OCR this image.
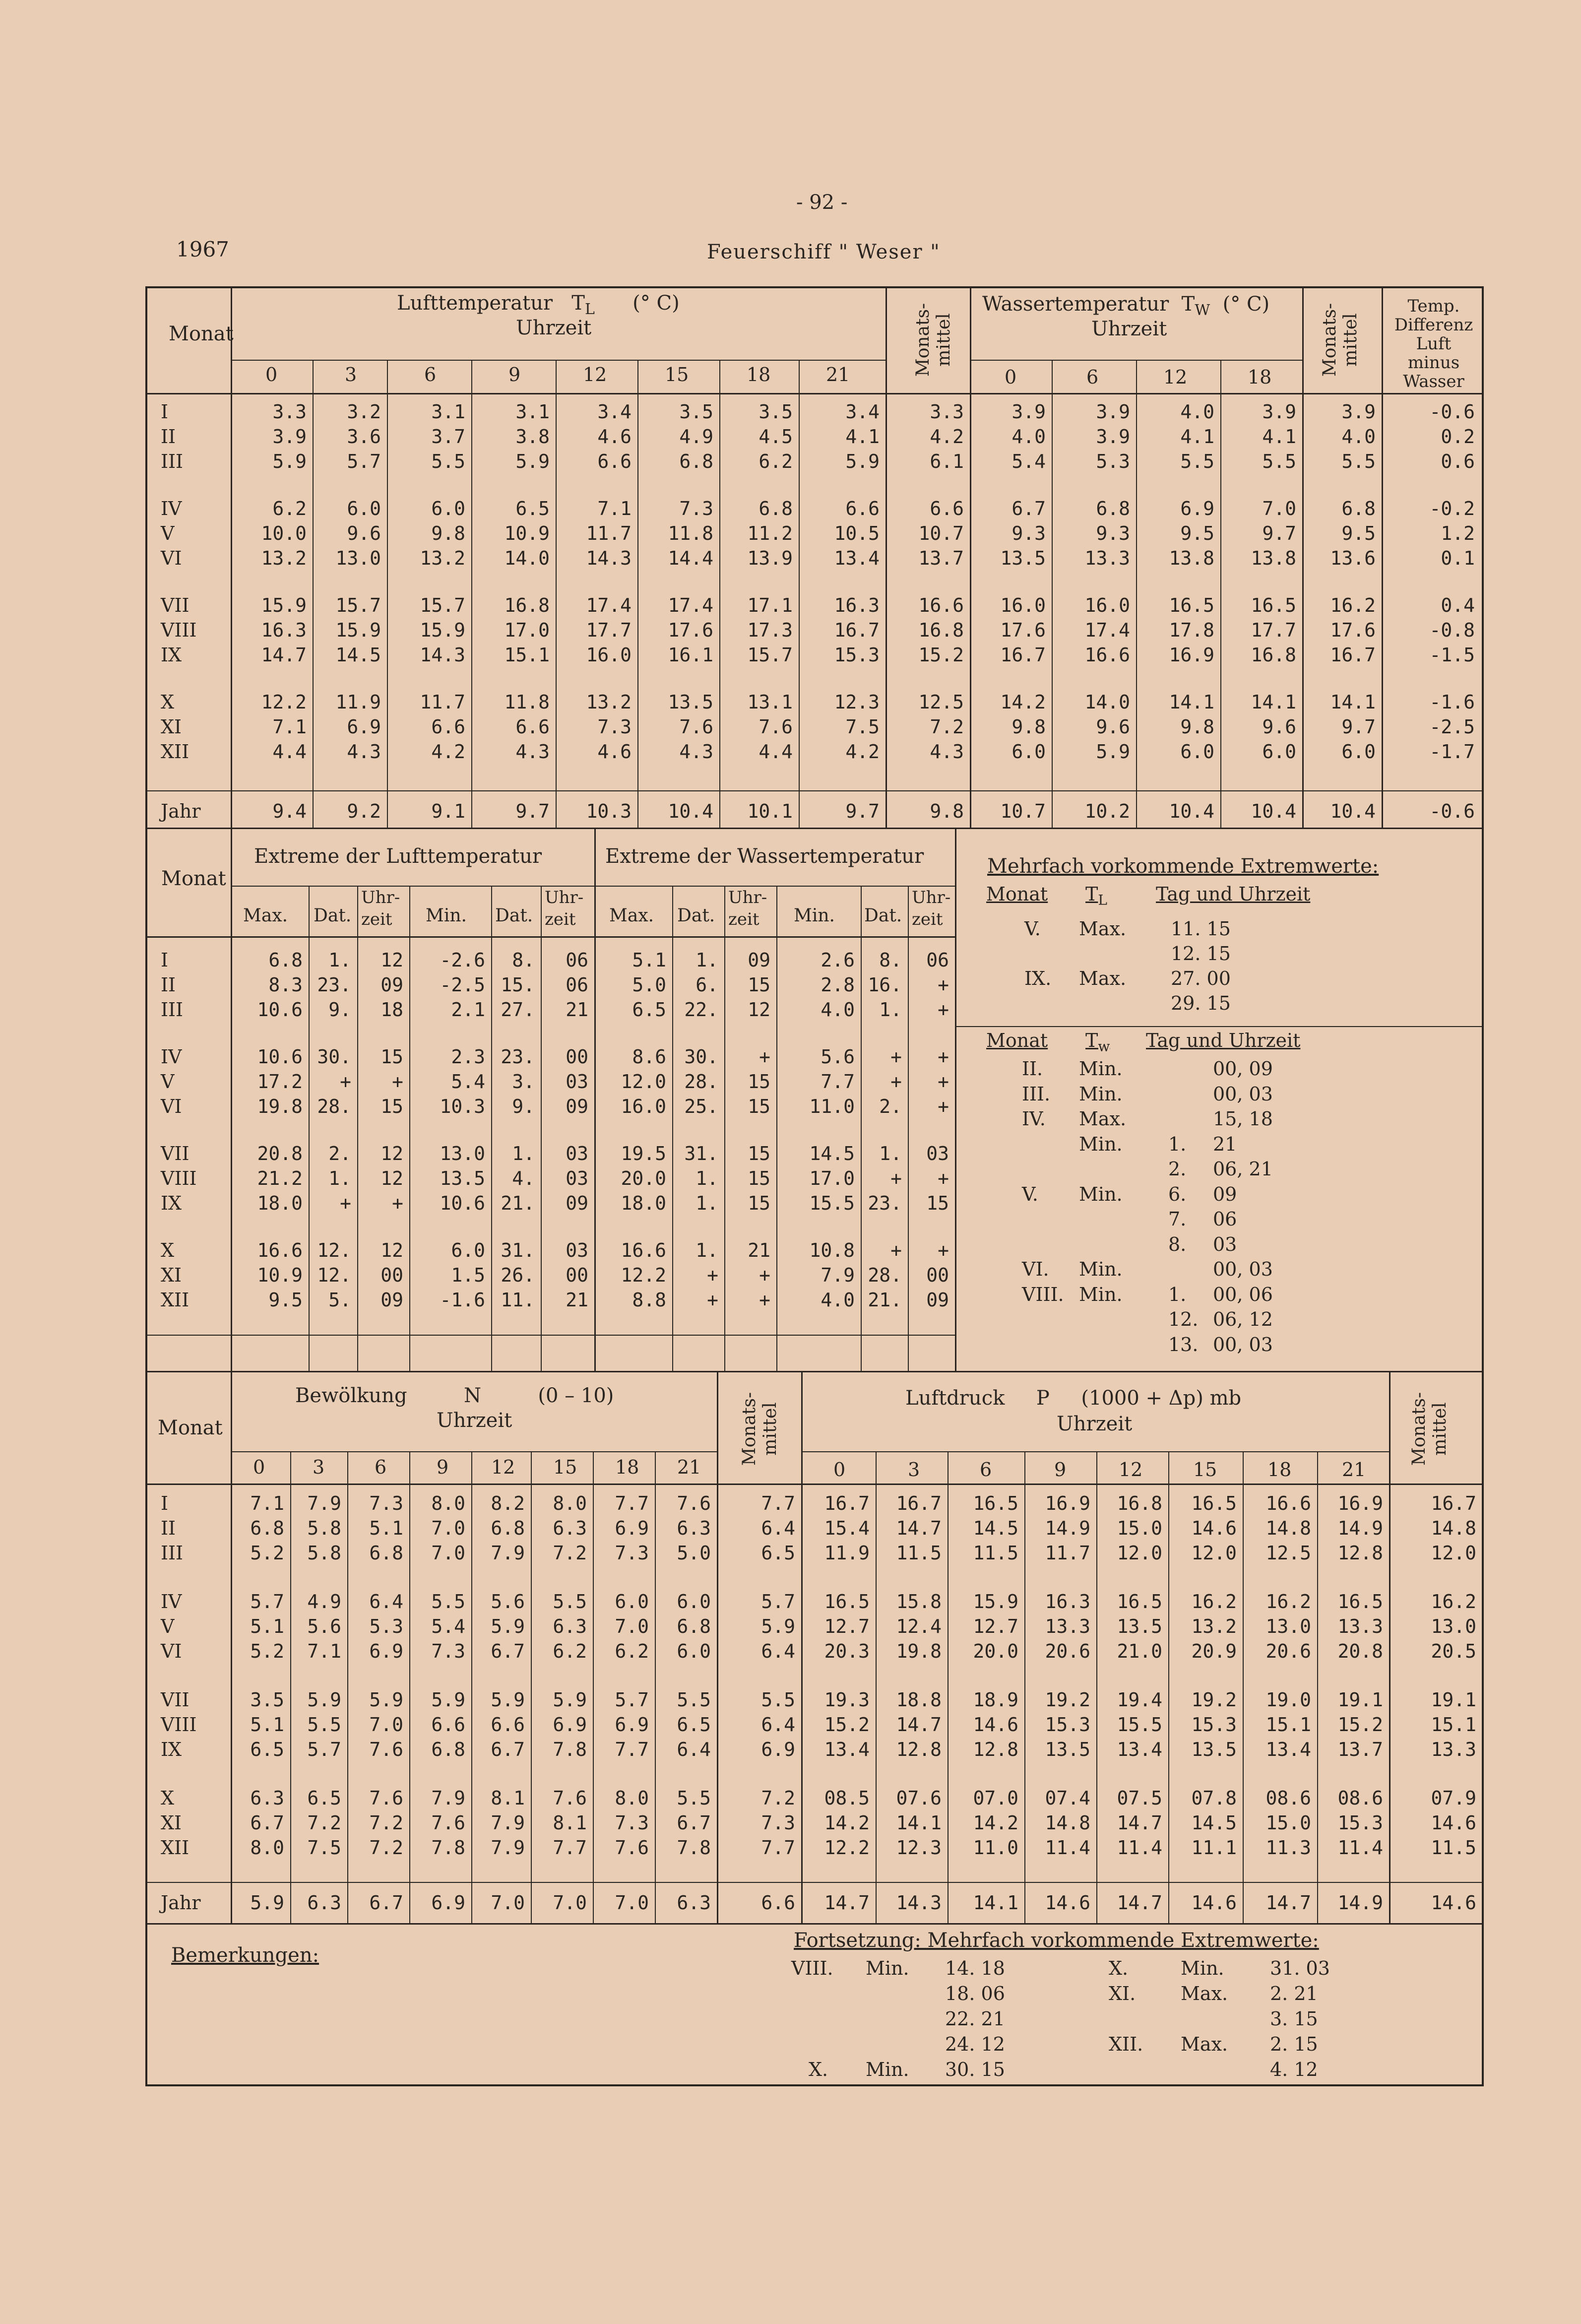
- 92 -
1967	Feuerschiff " Weser "
Monat
Lufttemperatur $T_L$ (° C)
Uhrzeit
Wassertemperatur $T_W$ (° C)
Uhrzeit
Monats-mittel	Monats-mittel
Temp.
Differenz
Luft
minus
Wasser
0	3	6	9	12	15	18	21	0	6	12	18
I	3.3	3.2	3.1	3.1	3.4	3.5	3.5	3.4	3.3	3.9	3.9	4.0	3.9	3.9	-0.6
II	3.9	3.6	3.7	3.8	4.6	4.9	4.5	4.1	4.2	4.0	3.9	4.1	4.1	4.0	0.2
III	5.9	5.7	5.5	5.9	6.6	6.8	6.2	5.9	6.1	5.4	5.3	5.5	5.5	5.5	0.6

IV	6.2	6.0	6.0	6.5	7.1	7.3	6.8	6.6	6.6	6.7	6.8	6.9	7.0	6.8	-0.2
V	10.0	9.6	9.8	10.9	11.7	11.8	11.2	10.5	10.7	9.3	9.3	9.5	9.7	9.5	1.2
VI	13.2	13.0	13.2	14.0	14.3	14.4	13.9	13.4	13.7	13.5	13.3	13.8	13.8	13.6	0.1

VII	15.9	15.7	15.7	16.8	17.4	17.4	17.1	16.3	16.6	16.0	16.0	16.5	16.5	16.2	0.4
VIII	16.3	15.9	15.9	17.0	17.7	17.6	17.3	16.7	16.8	17.6	17.4	17.8	17.7	17.6	-0.8
IX	14.7	14.5	14.3	15.1	16.0	16.1	15.7	15.3	15.2	16.7	16.6	16.9	16.8	16.7	-1.5

X	12.2	11.9	11.7	11.8	13.2	13.5	13.1	12.3	12.5	14.2	14.0	14.1	14.1	14.1	-1.6
XI	7.1	6.9	6.6	6.6	7.3	7.6	7.6	7.5	7.2	9.8	9.6	9.8	9.6	9.7	-2.5
XII	4.4	4.3	4.2	4.3	4.6	4.3	4.4	4.2	4.3	6.0	5.9	6.0	6.0	6.0	-1.7
Jahr	9.4	9.2	9.1	9.7	10.3	10.4	10.1	9.7	9.8	10.7	10.2	10.4	10.4	10.4	-0.6
Monat
Extreme der Lufttemperatur	Extreme der Wassertemperatur
Max. Dat.
Uhr-zeit	Min. Dat.
Uhr-zeit	Max. Dat.
Uhr-zeit	Min. Dat.
Uhr-zeit
I	6.8	1.	12	-2.6	8.	06	5.1	1.	09	2.6	8.	06
II	8.3	23.	09	-2.5	15.	06	5.0	6.	15	2.8	16.	+
III	10.6	9.	18	2.1	27.	21	6.5	22.	12	4.0	1.	+

IV	10.6	30.	15	2.3	23.	00	8.6	30.	+	5.6	+	+
V	17.2	+	+	5.4	3.	03	12.0	28.	15	7.7	+	+
VI	19.8	28.	15	10.3	9.	09	16.0	25.	15	11.0	2.	+

VII	20.8	2.	12	13.0	1.	03	19.5	31.	15	14.5	1.	03
VIII	21.2	1.	12	13.5	4.	03	20.0	1.	15	17.0	+	+
IX	18.0	+	+	10.6	21.	09	18.0	1.	15	15.5	23.	15

X	16.6	12.	12	6.0	31.	03	16.6	1.	21	10.8	+	+
XI	10.9	12.	00	1.5	26.	00	12.2	+	+	7.9	28.	00
XII	9.5	5.	09	-1.6	11.	21	8.8	+	+	4.0	21.	09
Mehrfach vorkommende Extremwerte:
Monat $T_L$	Tag und Uhrzeit
V. Max. 11. 15
12. 15
IX. Max. 27. 00
29. 15
Monat $T_w$ Tag und Uhrzeit
II. Min.	00, 09
III. Min.	00, 03
IV. Max.	15, 18
Min. 1. 21
2. 06, 21
V. Min. 6. 09
7. 06
8. 03
VI. Min.	00, 03
VIII. Min. 1. 00, 06
12. 06, 12
13. 00, 03
Monat
Bewölkung	N	(0 – 10)
Uhrzeit	Monats-mittel
Luftdruck P (1000 + Δp) mb
Uhrzeit	Monats-mittel
0	3	6	9 12 15 18 21	0	3	6	9	12	15	18	21
I	7.1	7.9	7.3	8.0	8.2	8.0	7.7	7.6	7.7	16.7	16.7	16.5	16.9	16.8	16.5	16.6	16.9	16.7
II	6.8	5.8	5.1	7.0	6.8	6.3	6.9	6.3	6.4	15.4	14.7	14.5	14.9	15.0	14.6	14.8	14.9	14.8
III	5.2	5.8	6.8	7.0	7.9	7.2	7.3	5.0	6.5	11.9	11.5	11.5	11.7	12.0	12.0	12.5	12.8	12.0

IV	5.7	4.9	6.4	5.5	5.6	5.5	6.0	6.0	5.7	16.5	15.8	15.9	16.3	16.5	16.2	16.2	16.5	16.2
V	5.1	5.6	5.3	5.4	5.9	6.3	7.0	6.8	5.9	12.7	12.4	12.7	13.3	13.5	13.2	13.0	13.3	13.0
VI	5.2	7.1	6.9	7.3	6.7	6.2	6.2	6.0	6.4	20.3	19.8	20.0	20.6	21.0	20.9	20.6	20.8	20.5

VII	3.5	5.9	5.9	5.9	5.9	5.9	5.7	5.5	5.5	19.3	18.8	18.9	19.2	19.4	19.2	19.0	19.1	19.1
VIII	5.1	5.5	7.0	6.6	6.6	6.9	6.9	6.5	6.4	15.2	14.7	14.6	15.3	15.5	15.3	15.1	15.2	15.1
IX	6.5	5.7	7.6	6.8	6.7	7.8	7.7	6.4	6.9	13.4	12.8	12.8	13.5	13.4	13.5	13.4	13.7	13.3

X	6.3	6.5	7.6	7.9	8.1	7.6	8.0	5.5	7.2	08.5	07.6	07.0	07.4	07.5	07.8	08.6	08.6	07.9
XI	6.7	7.2	7.2	7.6	7.9	8.1	7.3	6.7	7.3	14.2	14.1	14.2	14.8	14.7	14.5	15.0	15.3	14.6
XII	8.0	7.5	7.2	7.8	7.9	7.7	7.6	7.8	7.7	12.2	12.3	11.0	11.4	11.4	11.1	11.3	11.4	11.5
Jahr	5.9	6.3	6.7	6.9	7.0	7.0	7.0	6.3	6.6	14.7	14.3	14.1	14.6	14.7	14.6	14.7	14.9	14.6
Bemerkungen:
Fortsetzung: Mehrfach vorkommende Extremwerte:
VIII. Min. 14. 18
18. 06
22. 21
24. 12
X. Min. 30. 15
X.	Min. 31. 03
XI. Max. 2. 21
3. 15
XII. Max. 2. 15
4. 12
